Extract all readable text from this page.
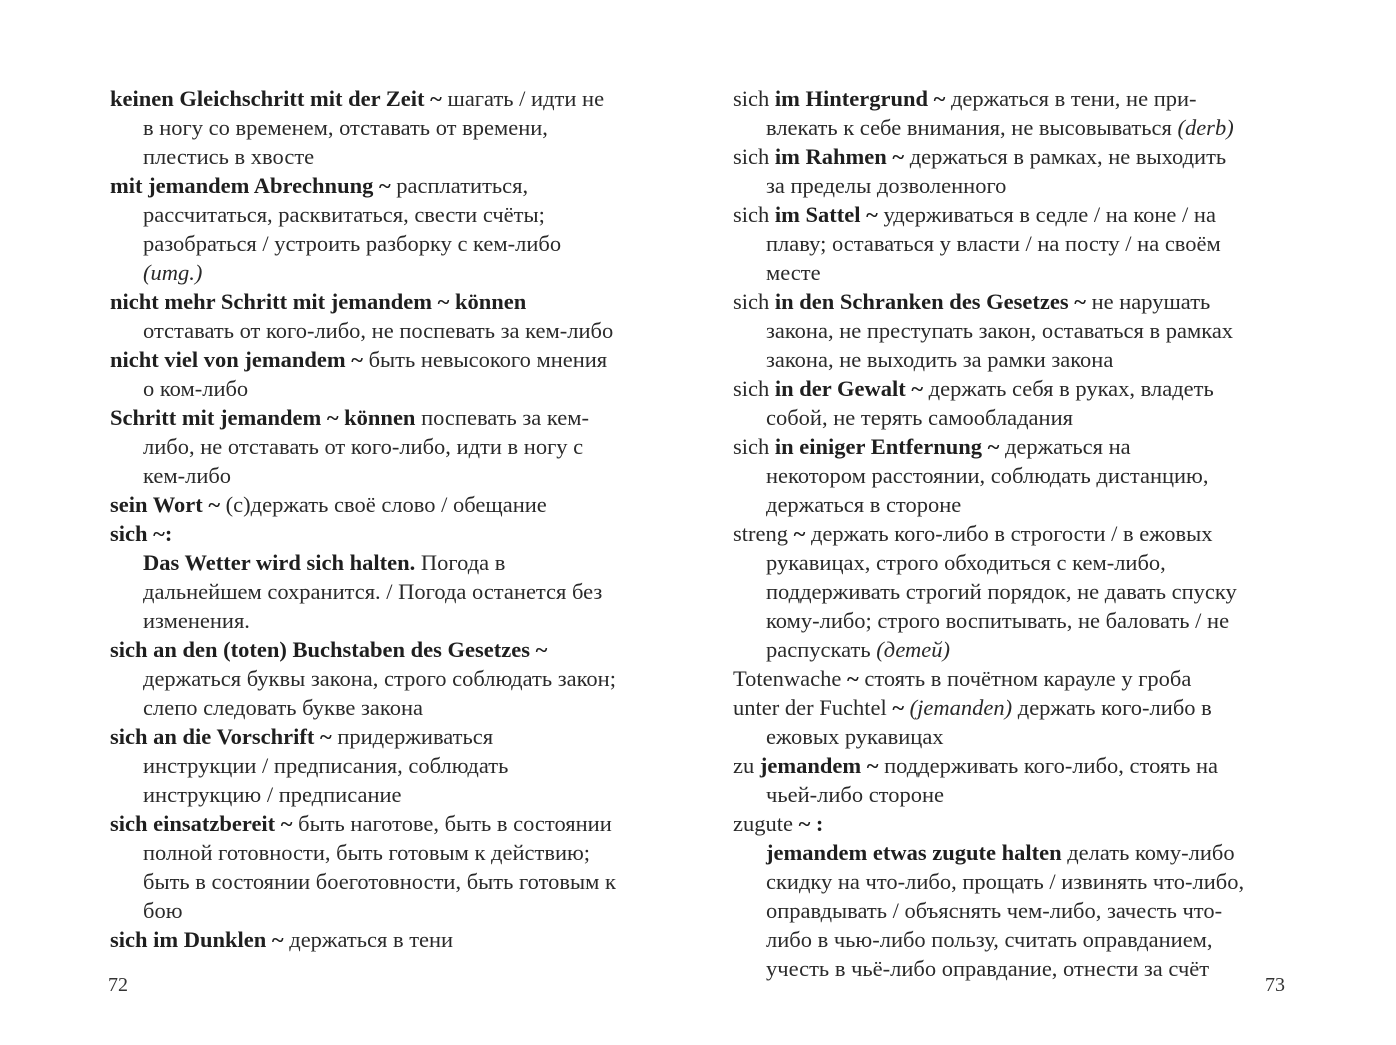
keinen Gleichschritt mit der Zeit ~ шагать / идти не
в ногу со временем, отставать от времени,
плестись в хвосте

mit jemandem Abrechnung ~ расплатиться,
рассчитаться, расквитаться, свести счёты;
разобраться / устроить разборку с кем-либо
(umg.)

nicht mehr Schritt mit jemandem ~ können
отставать от кого-либо, не поспевать за кем-либо

nicht viel von jemandem ~ быть невысокого мнения
о ком-либо

Schritt mit jemandem ~ können поспевать за кем-
либо, не отставать от кого-либо, идти в ногу с
кем-либо

sein Wort ~ (с)держать своё слово / обещание

sich ~:
Das Wetter wird sich halten. Погода в
дальнейшем сохранится. / Погода останется без
изменения.

sich an den (toten) Buchstaben des Gesetzes ~
держаться буквы закона, строго соблюдать закон;
слепо следовать букве закона

sich an die Vorschrift ~ придерживаться
инструкции / предписания, соблюдать
инструкцию / предписание

sich einsatzbereit ~ быть наготове, быть в состоянии
полной готовности, быть готовым к действию;
быть в состоянии боеготовности, быть готовым к
бою

sich im Dunklen ~ держаться в тени

sich im Hintergrund ~ держаться в тени, не при-
влекать к себе внимания, не высовываться (derb)

sich im Rahmen ~ держаться в рамках, не выходить
за пределы дозволенного

sich im Sattel ~ удерживаться в седле / на коне / на
плаву; оставаться у власти / на посту / на своём
месте

sich in den Schranken des Gesetzes ~ не нарушать
закона, не преступать закон, оставаться в рамках
закона, не выходить за рамки закона

sich in der Gewalt ~ держать себя в руках, владеть
собой, не терять самообладания

sich in einiger Entfernung ~ держаться на
некотором расстоянии, соблюдать дистанцию,
держаться в стороне

streng ~ держать кого-либо в строгости / в ежовых
рукавицах, строго обходиться с кем-либо,
поддерживать строгий порядок, не давать спуску
кому-либо; строго воспитывать, не баловать / не
распускать (детей)

Totenwache ~ стоять в почётном карауле у гроба

unter der Fuchtel ~ (jemanden) держать кого-либо в
ежовых рукавицах

zu jemandem ~ поддерживать кого-либо, стоять на
чьей-либо стороне

zugute ~ :
jemandem etwas zugute halten делать кому-либо
скидку на что-либо, прощать / извинять что-либо,
оправдывать / объяснять чем-либо, зачесть что-
либо в чью-либо пользу, считать оправданием,
учесть в чьё-либо оправдание, отнести за счёт

72	73
